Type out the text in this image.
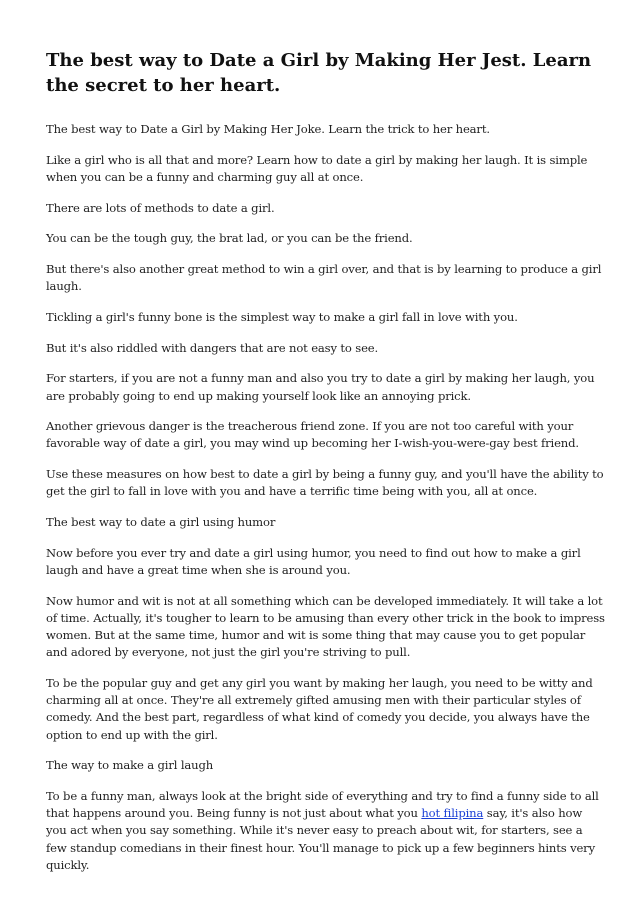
The best way to Date a Girl by Making Her Jest. Learn the secret to her heart.

The best way to Date a Girl by Making Her Joke. Learn the trick to her heart.

Like a girl who is all that and more? Learn how to date a girl by making her laugh. It is simple when you can be a funny and charming guy all at once.

There are lots of methods to date a girl.

You can be the tough guy, the brat lad, or you can be the friend.

But there's also another great method to win a girl over, and that is by learning to produce a girl laugh.

Tickling a girl's funny bone is the simplest way to make a girl fall in love with you.

But it's also riddled with dangers that are not easy to see.

For starters, if you are not a funny man and also you try to date a girl by making her laugh, you are probably going to end up making yourself look like an annoying prick.

Another grievous danger is the treacherous friend zone. If you are not too careful with your favorable way of date a girl, you may wind up becoming her I-wish-you-were-gay best friend.

Use these measures on how best to date a girl by being a funny guy, and you'll have the ability to get the girl to fall in love with you and have a terrific time being with you, all at once.

The best way to date a girl using humor

Now before you ever try and date a girl using humor, you need to find out how to make a girl laugh and have a great time when she is around you.

Now humor and wit is not at all something which can be developed immediately. It will take a lot of time. Actually, it's tougher to learn to be amusing than every other trick in the book to impress women. But at the same time, humor and wit is some thing that may cause you to get popular and adored by everyone, not just the girl you're striving to pull.

To be the popular guy and get any girl you want by making her laugh, you need to be witty and charming all at once. They're all extremely gifted amusing men with their particular styles of comedy. And the best part, regardless of what kind of comedy you decide, you always have the option to end up with the girl.

The way to make a girl laugh

To be a funny man, always look at the bright side of everything and try to find a funny side to all that happens around you. Being funny is not just about what you hot filipina say, it's also how you act when you say something. While it's never easy to preach about wit, for starters, see a few standup comedians in their finest hour. You'll manage to pick up a few beginners hints very quickly.
